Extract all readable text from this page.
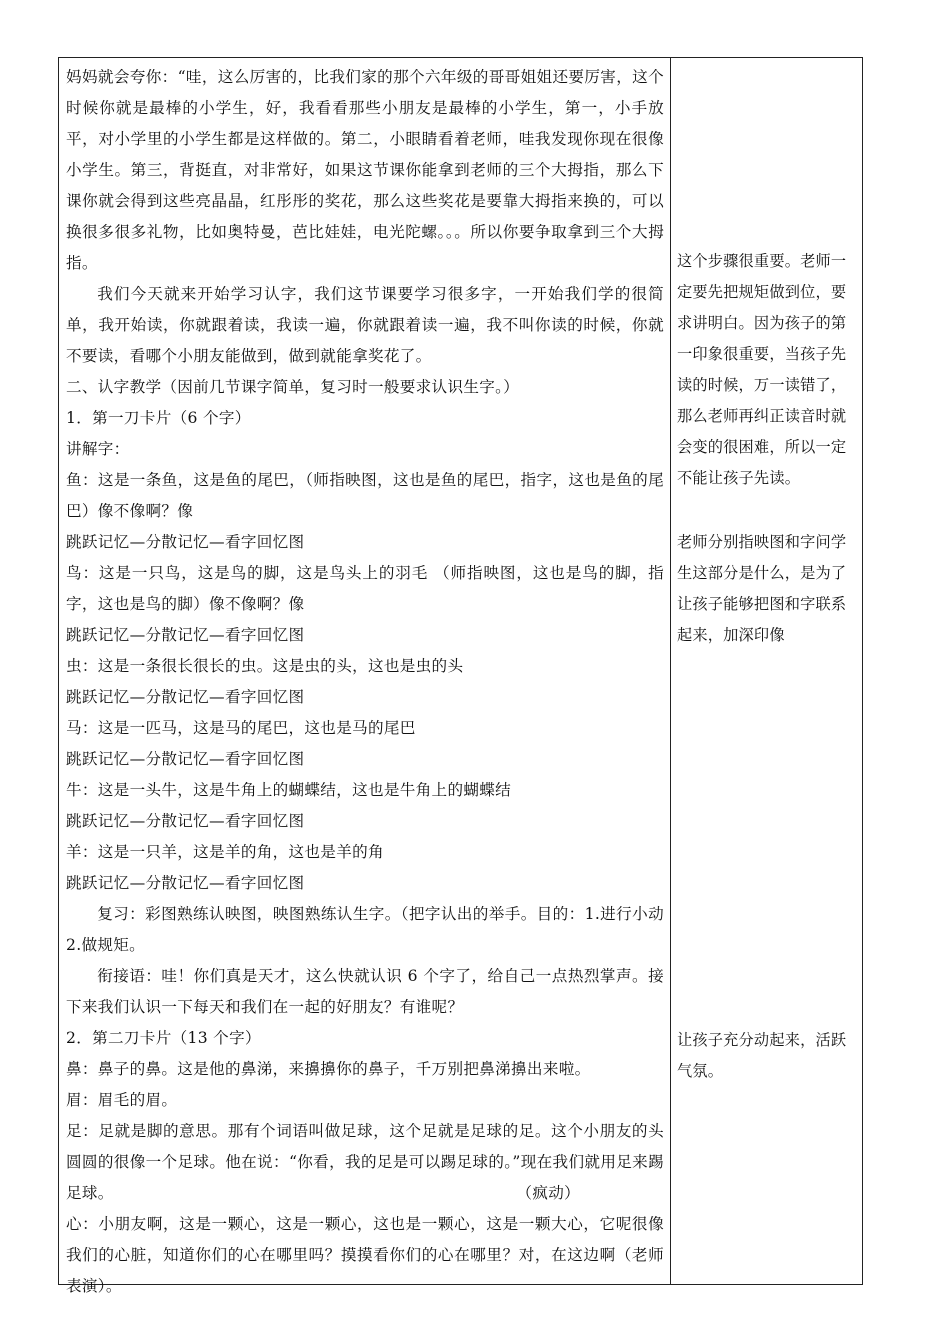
妈妈就会夸你：“哇，这么厉害的，比我们家的那个六年级的哥哥姐姐还要厉害，这个时候你就是最棒的小学生，好，我看看那些小朋友是最棒的小学生，第一，小手放平，对小学里的小学生都是这样做的。第二，小眼睛看着老师，哇我发现你现在很像小学生。第三，背挺直，对非常好，如果这节课你能拿到老师的三个大拇指，那么下课你就会得到这些亮晶晶，红彤彤的奖花，那么这些奖花是要靠大拇指来换的，可以换很多很多礼物，比如奥特曼，芭比娃娃，电光陀螺。。。所以你要争取拿到三个大拇指。

我们今天就来开始学习认字，我们这节课要学习很多字，一开始我们学的很简单，我开始读，你就跟着读，我读一遍，你就跟着读一遍，我不叫你读的时候，你就不要读，看哪个小朋友能做到，做到就能拿奖花了。

二、认字教学（因前几节课字简单，复习时一般要求认识生字。）

1．第一刀卡片（6 个字）

讲解字：

鱼：这是一条鱼，这是鱼的尾巴，（师指映图，这也是鱼的尾巴，指字，这也是鱼的尾巴）像不像啊？像

跳跃记忆—分散记忆—看字回忆图

鸟：这是一只鸟，这是鸟的脚，这是鸟头上的羽毛 （师指映图，这也是鸟的脚，指字，这也是鸟的脚）像不像啊？像

跳跃记忆—分散记忆—看字回忆图

虫：这是一条很长很长的虫。这是虫的头，这也是虫的头

跳跃记忆—分散记忆—看字回忆图

马：这是一匹马，这是马的尾巴，这也是马的尾巴

跳跃记忆—分散记忆—看字回忆图

牛：这是一头牛，这是牛角上的蝴蝶结，这也是牛角上的蝴蝶结

跳跃记忆—分散记忆—看字回忆图

羊：这是一只羊，这是羊的角，这也是羊的角

跳跃记忆—分散记忆—看字回忆图

复习：彩图熟练认映图，映图熟练认生字。（把字认出的举手。目的：1.进行小动 2.做规矩。

衔接语：哇！你们真是天才，这么快就认识 6 个字了，给自己一点热烈掌声。接下来我们认识一下每天和我们在一起的好朋友？有谁呢？

2．第二刀卡片（13 个字）

鼻：鼻子的鼻。这是他的鼻涕，来擤擤你的鼻子，千万别把鼻涕擤出来啦。

眉：眉毛的眉。

足：足就是脚的意思。那有个词语叫做足球，这个足就是足球的足。这个小朋友的头圆圆的很像一个足球。他在说：“你看，我的足是可以踢足球的。”现在我们就用足来踢足球。	（疯动）

心：小朋友啊，这是一颗心，这是一颗心，这也是一颗心，这是一颗大心，它呢很像我们的心脏，知道你们的心在哪里吗？摸摸看你们的心在哪里？对，在这边啊（老师表演）。

这个步骤很重要。老师一定要先把规矩做到位，要求讲明白。因为孩子的第一印象很重要，当孩子先读的时候，万一读错了，那么老师再纠正读音时就会变的很困难，所以一定不能让孩子先读。

老师分别指映图和字问学生这部分是什么，是为了让孩子能够把图和字联系起来，加深印像

让孩子充分动起来，活跃气氛。
